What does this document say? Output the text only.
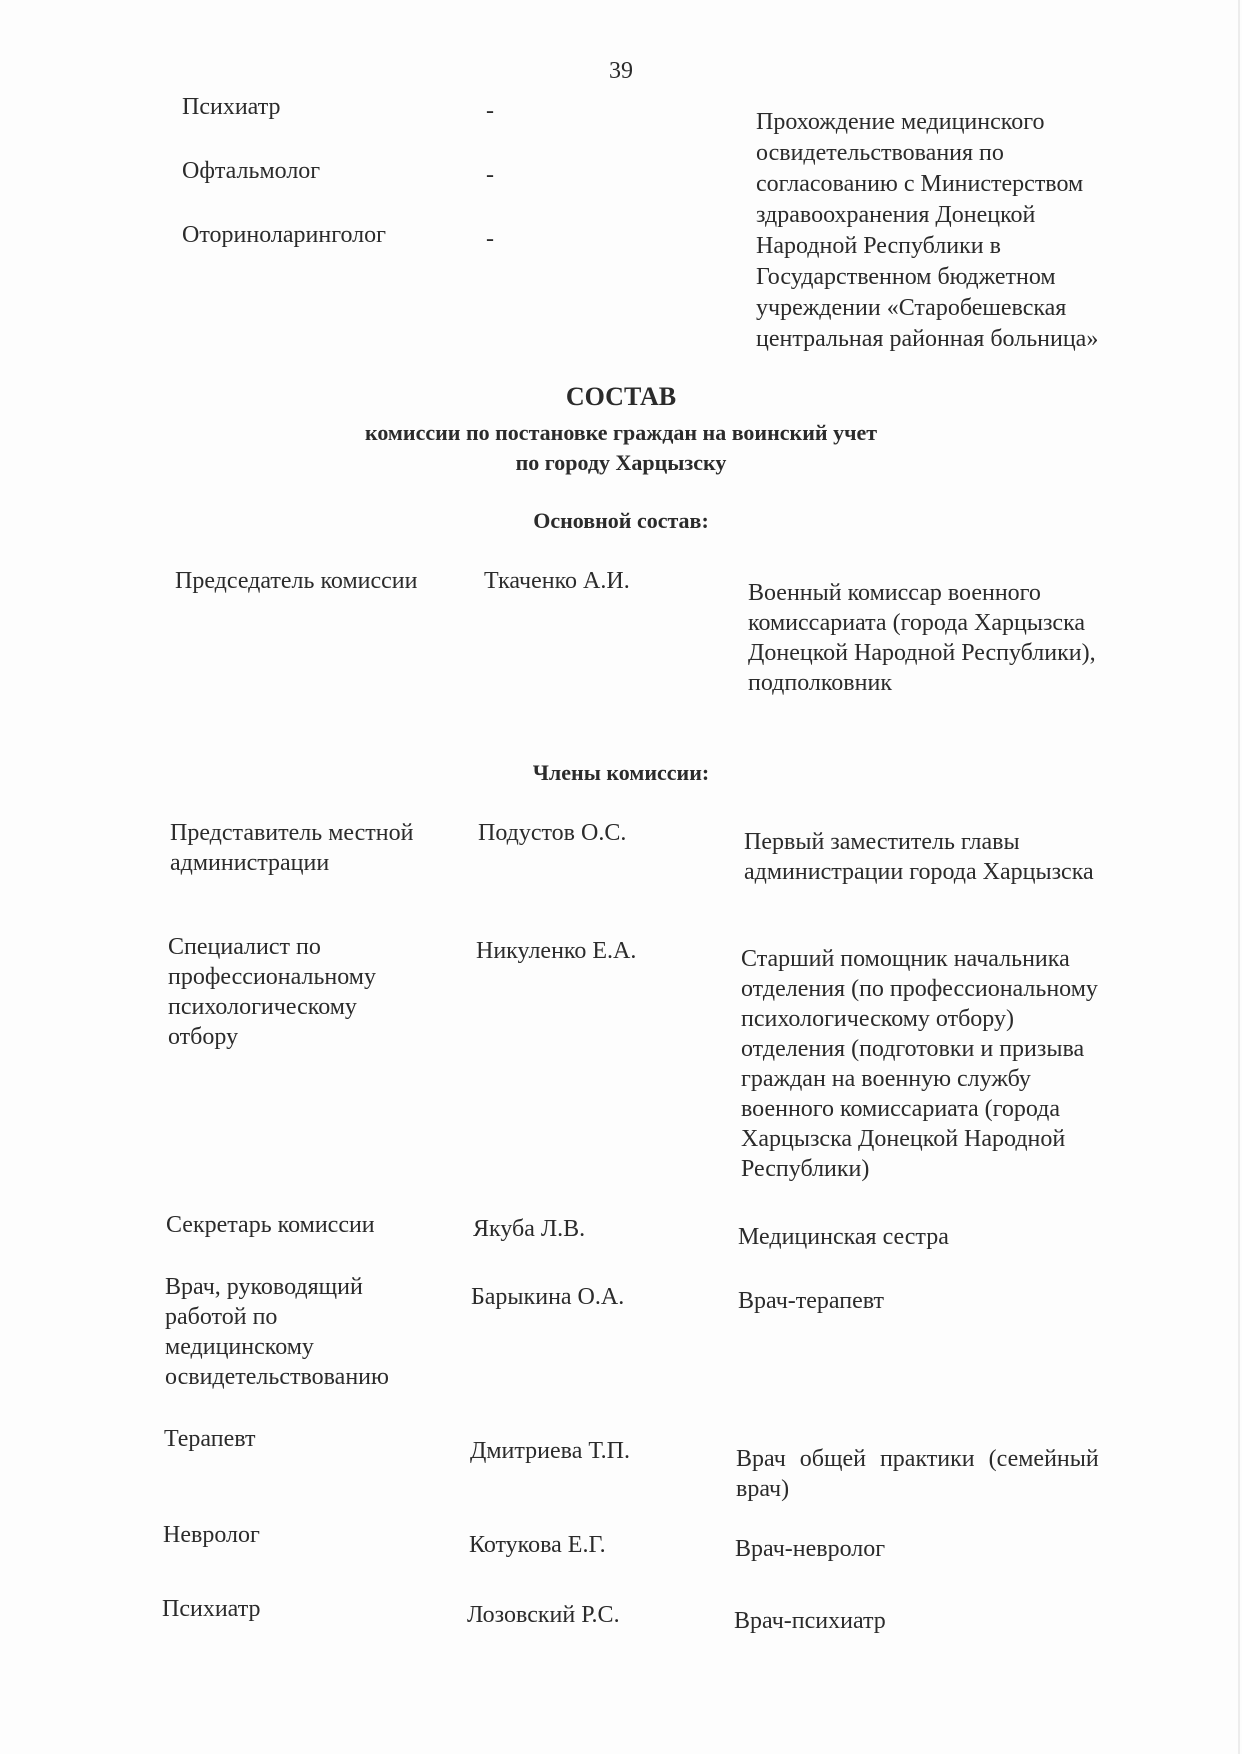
39
Психиатр	-
Офтальмолог	-
Оториноларинголог	-
Прохождение медицинского
освидетельствования по
согласованию с Министерством
здравоохранения Донецкой
Народной Республики в
Государственном бюджетном
учреждении «Старобешевская
центральная районная больница»
СОСТАВ
комиссии по постановке граждан на воинский учет
по городу Харцызску
Основной состав:
Председатель комиссии	Ткаченко А.И.	Военный комиссар военного
комиссариата (города Харцызска
Донецкой Народной Республики),
подполковник
Члены комиссии:
Представитель местной
администрации
Подустов О.С.	Первый заместитель главы
администрации города Харцызска
Специалист по
профессиональному
психологическому
отбору
Никуленко Е.А.	Старший помощник начальника
отделения (по профессиональному
психологическому отбору)
отделения (подготовки и призыва
граждан на военную службу
военного комиссариата (города
Харцызска Донецкой Народной
Республики)
Секретарь комиссии	Якуба Л.В.	Медицинская сестра
Врач, руководящий
работой по
медицинскому
освидетельствованию
Барыкина О.А.	Врач-терапевт
Терапевт	Дмитриева Т.П.	Врач общей практики (семейный
врач)
Невролог	Котукова Е.Г.	Врач-невролог
Психиатр	Лозовский Р.С.	Врач-психиатр
